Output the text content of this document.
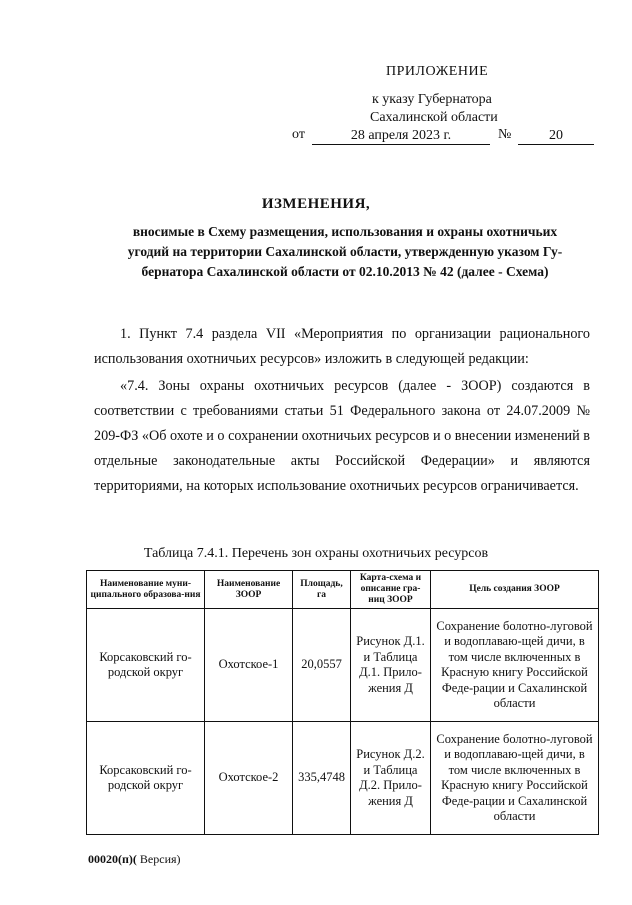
ПРИЛОЖЕНИЕ
к указу Губернатора
Сахалинской области
от	28 апреля 2023 г.	№	20
ИЗМЕНЕНИЯ,
вносимые в Схему размещения, использования и охраны охотничьих
угодий на территории Сахалинской области, утвержденную указом Гу-
бернатора Сахалинской области от 02.10.2013 № 42 (далее - Схема)

1. Пункт 7.4 раздела VII «Мероприятия по организации рационального использования охотничьих ресурсов» изложить в следующей редакции:

«7.4. Зоны охраны охотничьих ресурсов (далее - ЗООР) создаются в соответствии с требованиями статьи 51 Федерального закона от 24.07.2009 № 209-ФЗ «Об охоте и о сохранении охотничьих ресурсов и о внесении изменений в отдельные законодательные акты Российской Федерации» и являются территориями, на которых использование охотничьих ресурсов ограничивается.

Таблица 7.4.1. Перечень зон охраны охотничьих ресурсов
Наименование муни-ципального образова-ния	Наименование ЗООР	Площадь, га	Карта-схема и описание гра-ниц ЗООР	Цель создания ЗООР
Корсаковский го-родской округ	Охотское-1	20,0557	Рисунок Д.1. и Таблица Д.1. Прило-жения Д	Сохранение болотно-луговой и водоплаваю-щей дичи, в том числе включенных в Красную книгу Российской Феде-рации и Сахалинской области
Корсаковский го-родской округ	Охотское-2	335,4748	Рисунок Д.2. и Таблица Д.2. Прило-жения Д	Сохранение болотно-луговой и водоплаваю-щей дичи, в том числе включенных в Красную книгу Российской Феде-рации и Сахалинской области
00020(п)( Версия)
